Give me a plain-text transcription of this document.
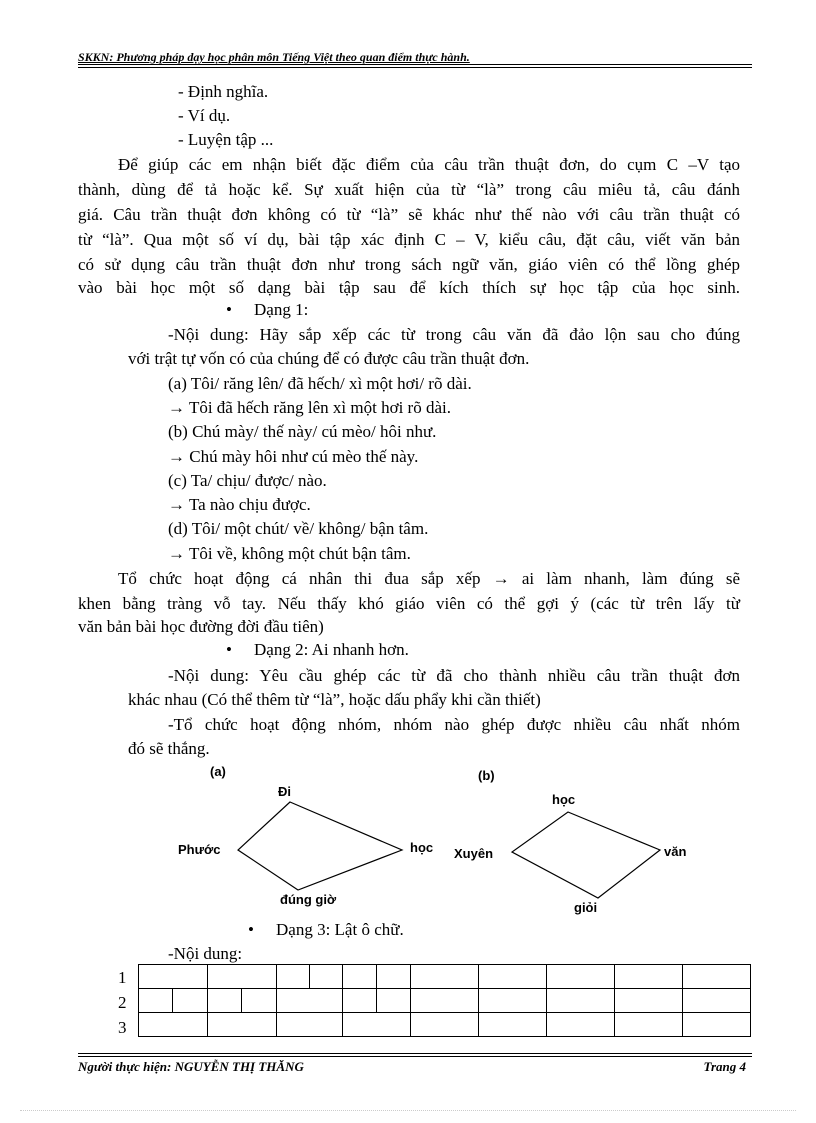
SKKN: Phương pháp dạy học phân môn Tiếng Việt theo quan điểm thực hành.
- Định nghĩa.
- Ví dụ.
- Luyện tập ...
Để giúp các em nhận biết đặc điểm của câu trần thuật đơn, do cụm C –V tạo
thành, dùng để tả hoặc kể. Sự xuất hiện của từ “là” trong câu miêu tả, câu đánh
giá. Câu trần thuật đơn không có từ “là” sẽ khác như thế nào với câu trần thuật có
từ “là”. Qua một số ví dụ, bài tập xác định C – V, kiểu câu, đặt câu, viết văn bản
có sử dụng câu trần thuật đơn như trong sách ngữ văn, giáo viên có thể lồng ghép
vào bài học một số dạng bài tập sau để kích thích sự học tập của học sinh.
• Dạng 1:
-Nội dung: Hãy sắp xếp các từ trong câu văn đã đảo lộn sau cho đúng
với trật tự vốn có của chúng để có được câu trần thuật đơn.
(a) Tôi/ răng lên/ đã hếch/ xì một hơi/ rõ dài.
→ Tôi đã hếch răng lên xì một hơi rõ dài.
(b) Chú mày/ thế này/ cú mèo/ hôi như.
→ Chú mày hôi như cú mèo thế này.
(c) Ta/ chịu/ được/ nào.
→ Ta nào chịu được.
(d) Tôi/ một chút/ về/ không/ bận tâm.
→ Tôi về, không một chút bận tâm.
Tổ chức hoạt động cá nhân thi đua sắp xếp → ai làm nhanh, làm đúng sẽ
khen bằng tràng vỗ tay. Nếu thấy khó giáo viên có thể gợi ý (các từ trên lấy từ
văn bản bài học đường đời đầu tiên)
• Dạng 2: Ai nhanh hơn.
-Nội dung: Yêu cầu ghép các từ đã cho thành nhiều câu trần thuật đơn
khác nhau (Có thể thêm từ “là”, hoặc dấu phẩy khi cần thiết)
-Tổ chức hoạt động nhóm, nhóm nào ghép được nhiều câu nhất nhóm
đó sẽ thắng.
(a)
Đi
Phước	học
đúng giờ
(b)
học
Xuyên	văn
giỏi
• Dạng 3: Lật ô chữ.
-Nội dung:
1
2
3

Người thực hiện: NGUYỄN THỊ THĂNG	Trang 4
